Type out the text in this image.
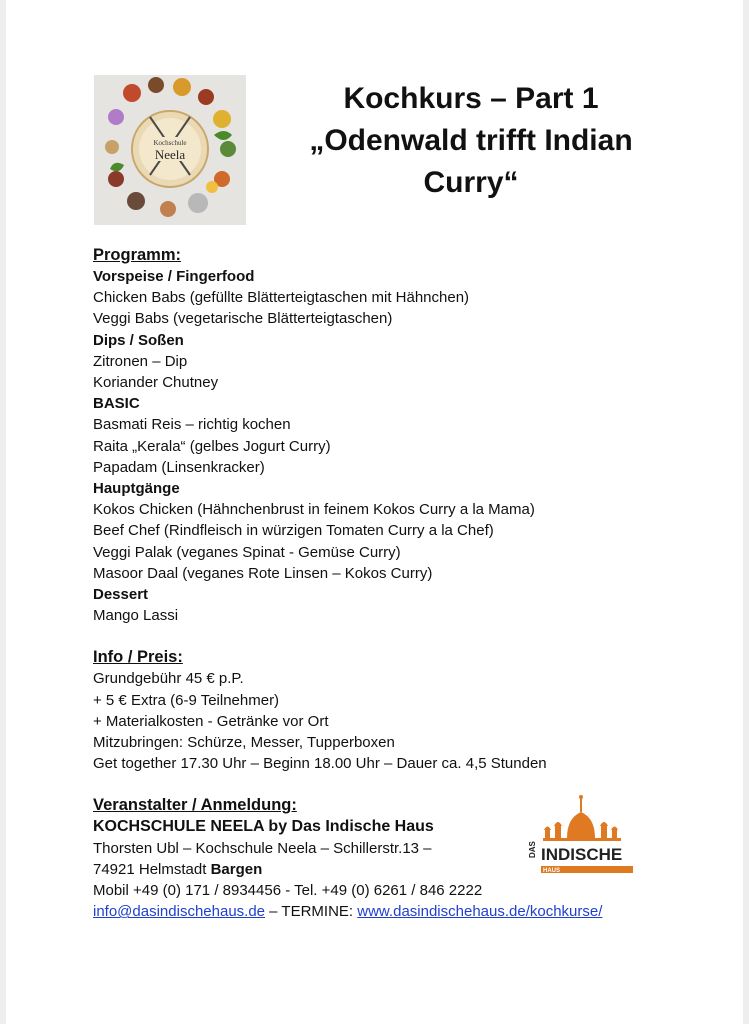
Kochschule
Neela
Kochkurs – Part 1
„Odenwald trifft Indian
Curry“
Programm:
Vorspeise / Fingerfood
Chicken Babs (gefüllte Blätterteigtaschen mit Hähnchen)
Veggi Babs (vegetarische Blätterteigtaschen)
Dips / Soßen
Zitronen – Dip
Koriander Chutney
BASIC
Basmati Reis – richtig kochen
Raita „Kerala“ (gelbes Jogurt Curry)
Papadam (Linsenkracker)
Hauptgänge
Kokos Chicken (Hähnchenbrust in feinem Kokos Curry a la Mama)
Beef Chef (Rindfleisch in würzigen Tomaten Curry a la Chef)
Veggi Palak (veganes Spinat - Gemüse Curry)
Masoor Daal (veganes Rote Linsen – Kokos Curry)
Dessert
Mango Lassi
Info / Preis:
Grundgebühr 45 € p.P.
+ 5 € Extra (6-9 Teilnehmer)
+ Materialkosten - Getränke vor Ort
Mitzubringen: Schürze, Messer, Tupperboxen
Get together 17.30 Uhr – Beginn 18.00 Uhr – Dauer ca. 4,5 Stunden
Veranstalter / Anmeldung:
KOCHSCHULE NEELA by Das Indische Haus
Thorsten Ubl – Kochschule Neela – Schillerstr.13 –
74921 Helmstadt Bargen
Mobil +49 (0) 171 / 8934456 - Tel. +49 (0) 6261 / 846 2222
info@dasindischehaus.de – TERMINE: www.dasindischehaus.de/kochkurse/
DAS INDISCHE
HAUS
